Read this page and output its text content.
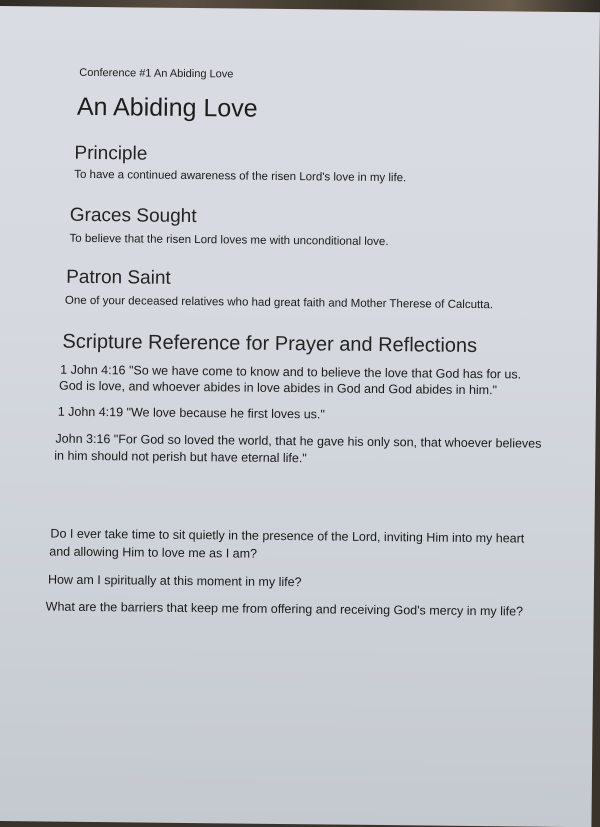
Conference #1 An Abiding Love
An Abiding Love
Principle
To have a continued awareness of the risen Lord's love in my life.
Graces Sought
To believe that the risen Lord loves me with unconditional love.
Patron Saint
One of your deceased relatives who had great faith and Mother Therese of Calcutta.
Scripture Reference for Prayer and Reflections
1 John 4:16 "So we have come to know and to believe the love that God has for us.
God is love, and whoever abides in love abides in God and God abides in him."
1 John 4:19 "We love because he first loves us."
John 3:16 "For God so loved the world, that he gave his only son, that whoever believes
in him should not perish but have eternal life."
Do I ever take time to sit quietly in the presence of the Lord, inviting Him into my heart
and allowing Him to love me as I am?
How am I spiritually at this moment in my life?
What are the barriers that keep me from offering and receiving God's mercy in my life?
